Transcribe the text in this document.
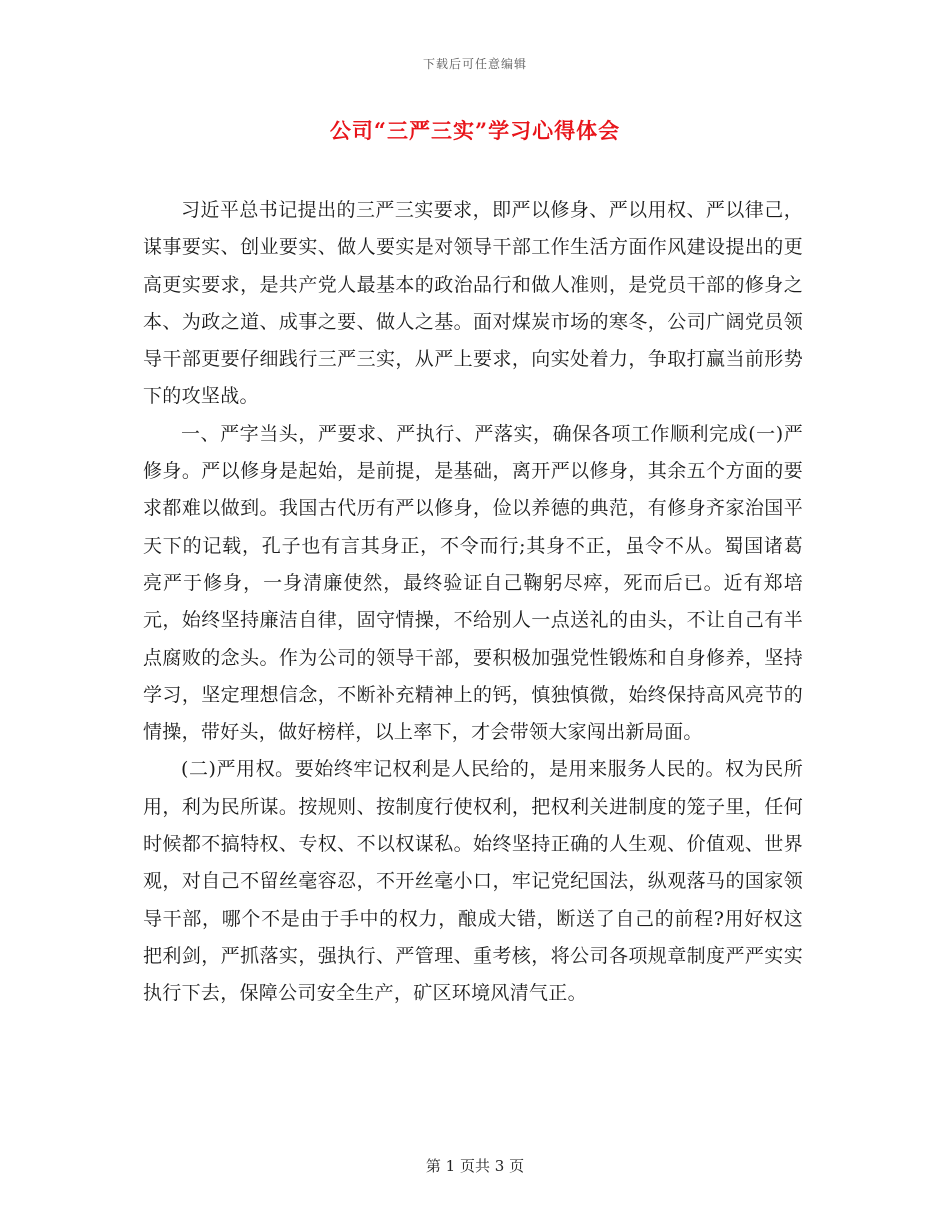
下载后可任意编辑
公司“三严三实”学习心得体会

习近平总书记提出的三严三实要求，即严以修身、严以用权、严以律己，谋事要实、创业要实、做人要实是对领导干部工作生活方面作风建设提出的更高更实要求，是共产党人最基本的政治品行和做人准则，是党员干部的修身之本、为政之道、成事之要、做人之基。面对煤炭市场的寒冬，公司广阔党员领导干部更要仔细践行三严三实，从严上要求，向实处着力，争取打赢当前形势下的攻坚战。

一、严字当头，严要求、严执行、严落实，确保各项工作顺利完成(一)严修身。严以修身是起始，是前提，是基础，离开严以修身，其余五个方面的要求都难以做到。我国古代历有严以修身，俭以养德的典范，有修身齐家治国平天下的记载，孔子也有言其身正，不令而行;其身不正，虽令不从。蜀国诸葛亮严于修身，一身清廉使然，最终验证自己鞠躬尽瘁，死而后已。近有郑培元，始终坚持廉洁自律，固守情操，不给别人一点送礼的由头，不让自己有半点腐败的念头。作为公司的领导干部，要积极加强党性锻炼和自身修养，坚持学习，坚定理想信念，不断补充精神上的钙，慎独慎微，始终保持高风亮节的情操，带好头，做好榜样，以上率下，才会带领大家闯出新局面。

(二)严用权。要始终牢记权利是人民给的，是用来服务人民的。权为民所用，利为民所谋。按规则、按制度行使权利，把权利关进制度的笼子里，任何时候都不搞特权、专权、不以权谋私。始终坚持正确的人生观、价值观、世界观，对自己不留丝毫容忍，不开丝毫小口，牢记党纪国法，纵观落马的国家领导干部，哪个不是由于手中的权力，酿成大错，断送了自己的前程?用好权这把利剑，严抓落实，强执行、严管理、重考核，将公司各项规章制度严严实实执行下去，保障公司安全生产，矿区环境风清气正。

第 1 页共 3 页
